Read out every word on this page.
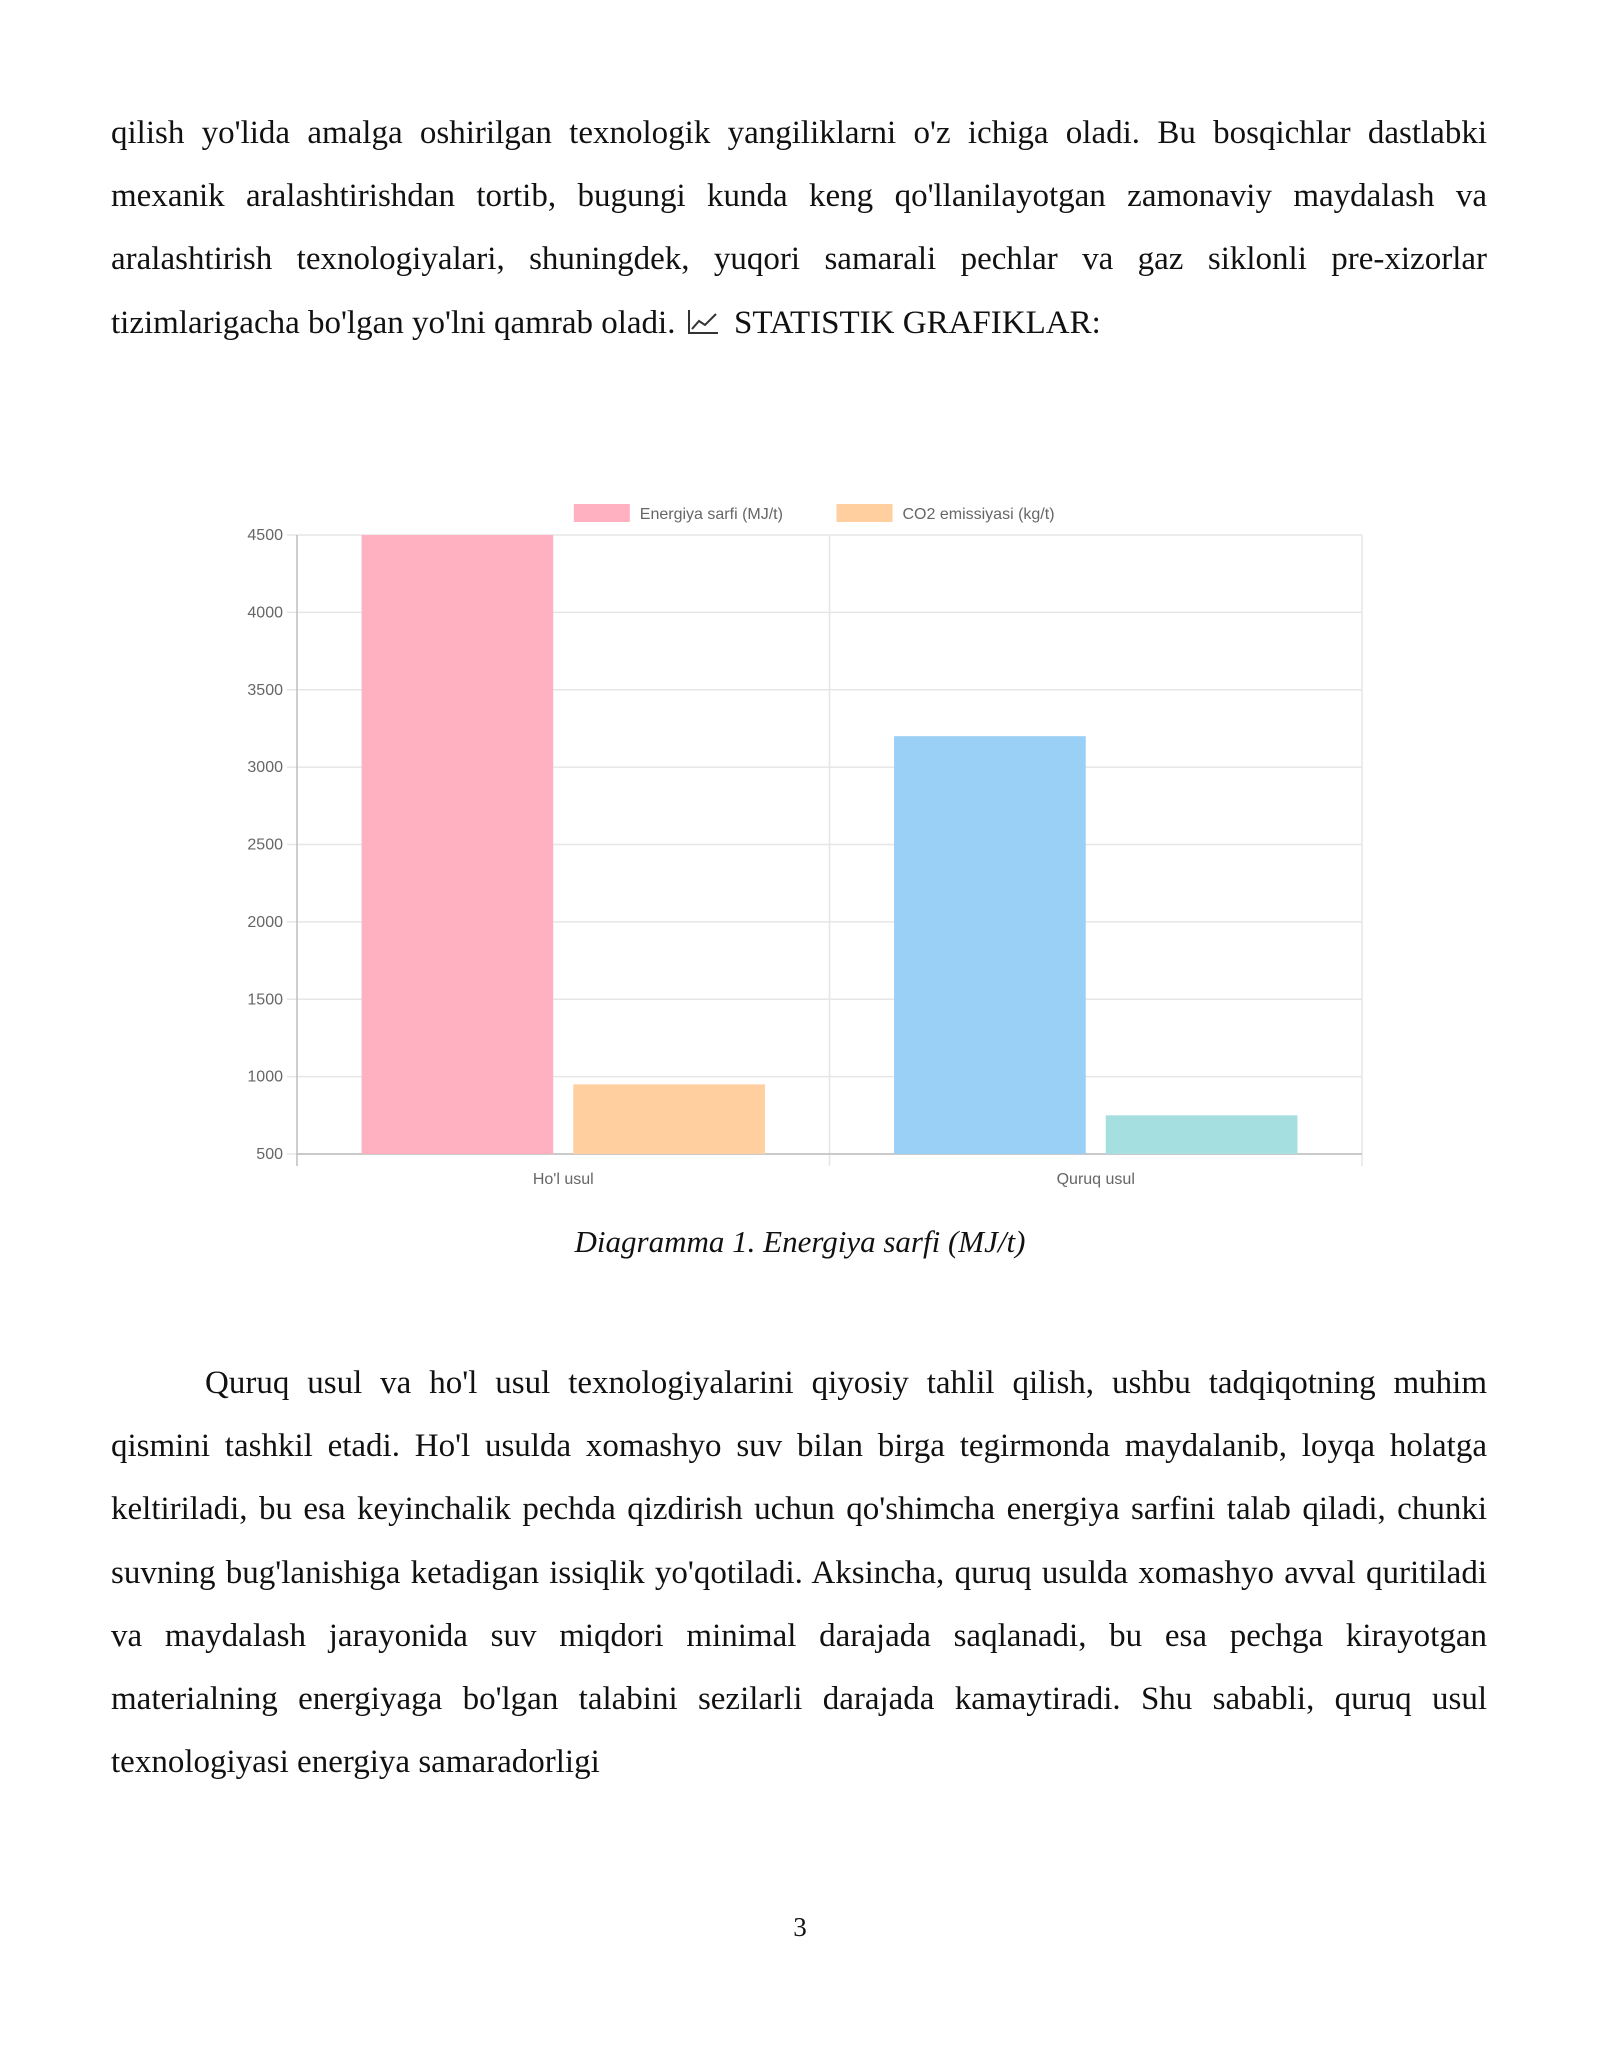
qilish yo'lida amalga oshirilgan texnologik yangiliklarni o'z ichiga oladi. Bu bosqichlar dastlabki mexanik aralashtirishdan tortib, bugungi kunda keng qo'llanilayotgan zamonaviy maydalash va aralashtirish texnologiyalari, shuningdek, yuqori samarali pechlar va gaz siklonli pre-xizorlar tizimlarigacha bo'lgan yo'lni qamrab oladi. STATISTIK GRAFIKLAR:

500
1000
1500
2000
2500
3000
3500
4000
4500
Ho'l usul	Quruq usul
Energiya sarfi (MJ/t)	CO2 emissiyasi (kg/t)

Diagramma 1. Energiya sarfi (MJ/t)

Quruq usul va ho'l usul texnologiyalarini qiyosiy tahlil qilish, ushbu tadqiqotning muhim qismini tashkil etadi. Ho'l usulda xomashyo suv bilan birga tegirmonda maydalanib, loyqa holatga keltiriladi, bu esa keyinchalik pechda qizdirish uchun qo'shimcha energiya sarfini talab qiladi, chunki suvning bug'lanishiga ketadigan issiqlik yo'qotiladi. Aksincha, quruq usulda xomashyo avval quritiladi va maydalash jarayonida suv miqdori minimal darajada saqlanadi, bu esa pechga kirayotgan materialning energiyaga bo'lgan talabini sezilarli darajada kamaytiradi. Shu sababli, quruq usul texnologiyasi energiya samaradorligi

3
